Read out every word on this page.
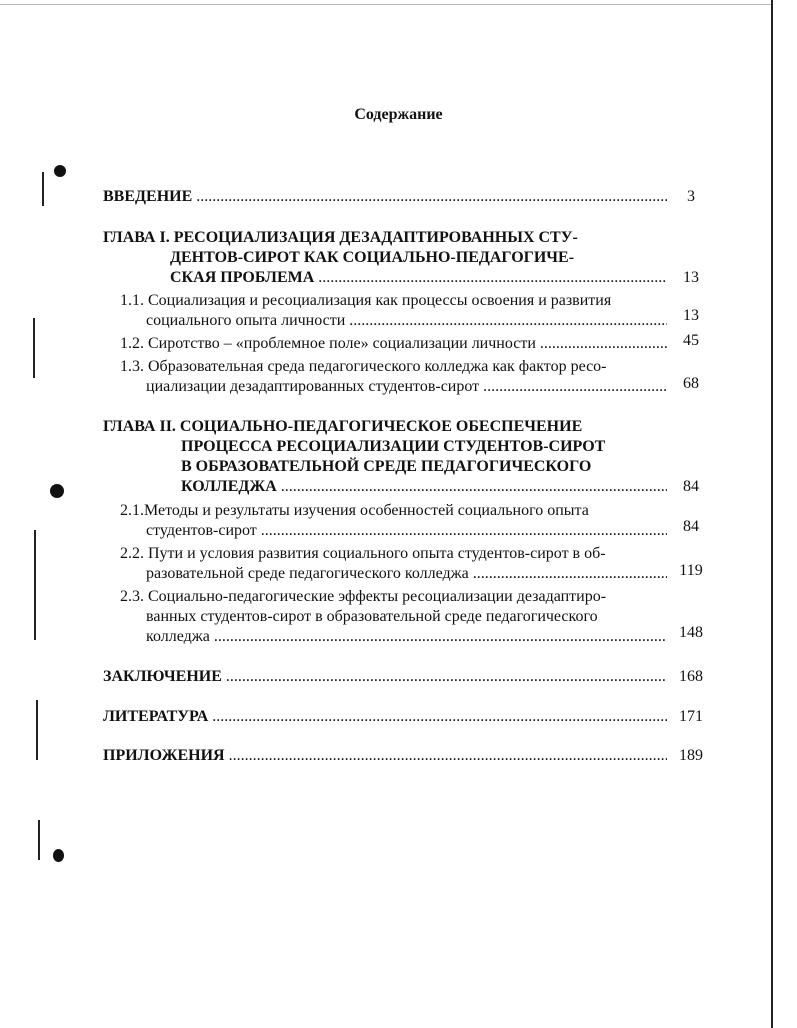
Содержание
ВВЕДЕНИЕ .....	3
ГЛАВА I. РЕСОЦИАЛИЗАЦИЯ ДЕЗАДАПТИРОВАННЫХ СТУ-
ДЕНТОВ-СИРОТ КАК СОЦИАЛЬНО-ПЕДАГОГИЧЕ-
СКАЯ ПРОБЛЕМА .....	13
1.1. Социализация и ресоциализация как процессы освоения и развития
социального опыта личности .....	13
1.2. Сиротство – «проблемное поле» социализации личности .....	45
1.3. Образовательная среда педагогического колледжа как фактор ресо-
циализации дезадаптированных студентов-сирот .....	68
ГЛАВА II. СОЦИАЛЬНО-ПЕДАГОГИЧЕСКОЕ ОБЕСПЕЧЕНИЕ
ПРОЦЕССА РЕСОЦИАЛИЗАЦИИ СТУДЕНТОВ-СИРОТ
В ОБРАЗОВАТЕЛЬНОЙ СРЕДЕ ПЕДАГОГИЧЕСКОГО
КОЛЛЕДЖА .....	84
2.1.Методы и результаты изучения особенностей социального опыта
студентов-сирот .....	84
2.2. Пути и условия развития социального опыта студентов-сирот в об-
разовательной среде педагогического колледжа .....	119
2.3. Социально-педагогические эффекты ресоциализации дезадаптиро-
ванных студентов-сирот в образовательной среде педагогического
колледжа .....	148
ЗАКЛЮЧЕНИЕ .....	168
ЛИТЕРАТУРА .....	171
ПРИЛОЖЕНИЯ .....	189
